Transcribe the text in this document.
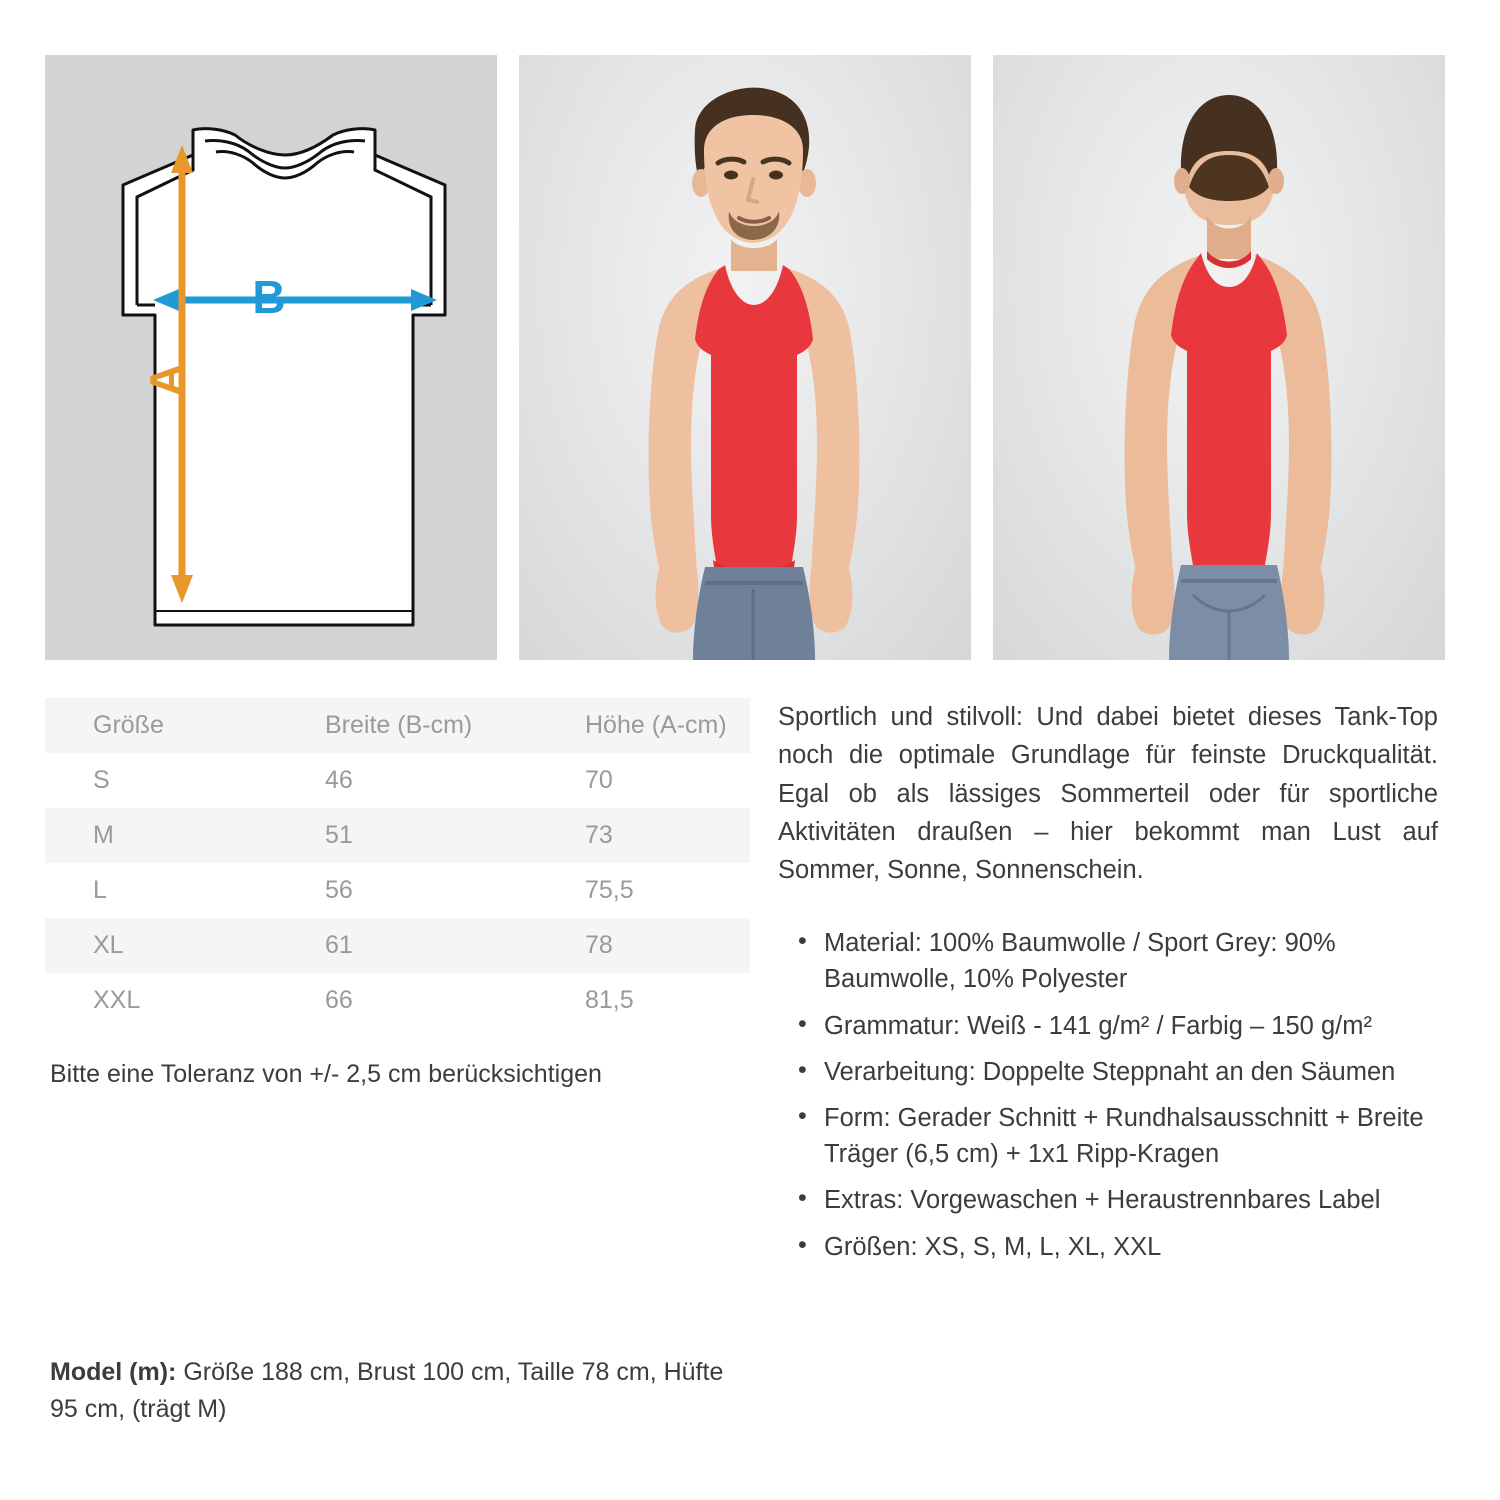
B
A
Größe	Breite (B-cm)	Höhe (A-cm)
S	46	70
M	51	73
L	56	75,5
XL	61	78
XXL	66	81,5

Bitte eine Toleranz von +/- 2,5 cm berücksichtigen

Model (m): Größe 188 cm, Brust 100 cm, Taille 78 cm, Hüfte 95 cm, (trägt M)

Sportlich und stilvoll: Und dabei bietet dieses Tank-Top noch die optimale Grundlage für feinste Druckqualität. Egal ob als lässiges Sommerteil oder für sportliche Aktivitäten draußen – hier bekommt man Lust auf Sommer, Sonne, Sonnenschein.

• Material: 100% Baumwolle / Sport Grey: 90% Baumwolle, 10% Polyester
• Grammatur: Weiß - 141 g/m² / Farbig – 150 g/m²
• Verarbeitung: Doppelte Steppnaht an den Säumen
• Form: Gerader Schnitt + Rundhalsausschnitt + Breite Träger (6,5 cm) + 1x1 Ripp-Kragen
• Extras: Vorgewaschen + Heraustrennbares Label
• Größen: XS, S, M, L, XL, XXL
